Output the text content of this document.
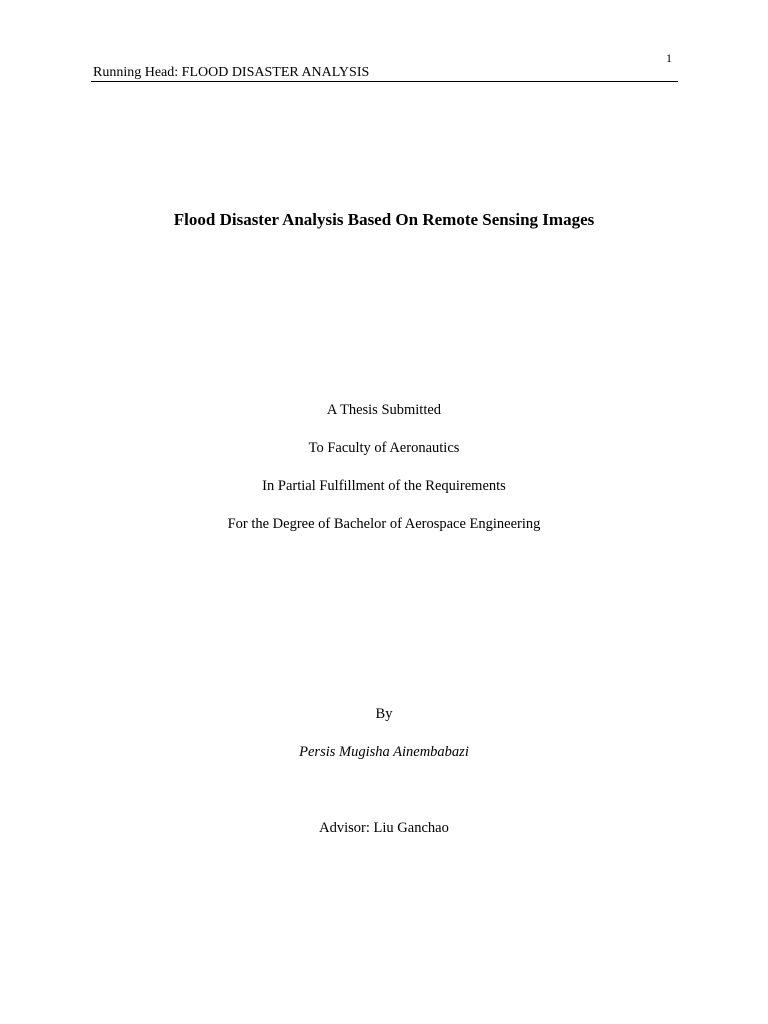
1
Running Head: FLOOD DISASTER ANALYSIS
Flood Disaster Analysis Based On Remote Sensing Images
A Thesis Submitted
To Faculty of Aeronautics
In Partial Fulfillment of the Requirements
For the Degree of Bachelor of Aerospace Engineering
By
Persis Mugisha Ainembabazi
Advisor: Liu Ganchao
